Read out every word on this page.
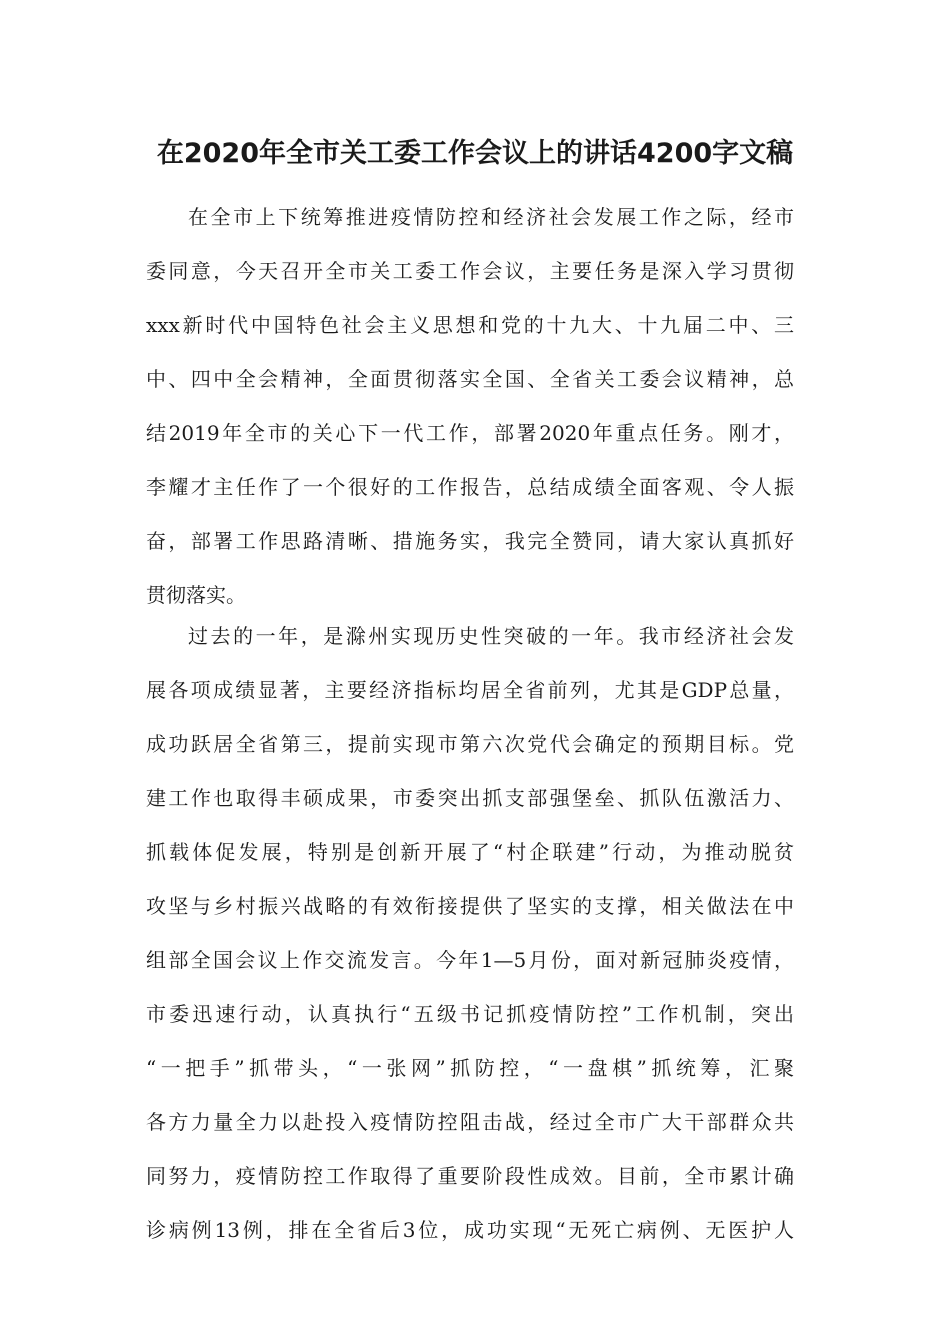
在2020年全市关工委工作会议上的讲话4200字文稿
在全市上下统筹推进疫情防控和经济社会发展工作之际，经市
委同意，今天召开全市关工委工作会议，主要任务是深入学习贯彻
xxx新时代中国特色社会主义思想和党的十九大、十九届二中、三
中、四中全会精神，全面贯彻落实全国、全省关工委会议精神，总
结2019年全市的关心下一代工作，部署2020年重点任务。刚才，
李耀才主任作了一个很好的工作报告，总结成绩全面客观、令人振
奋，部署工作思路清晰、措施务实，我完全赞同，请大家认真抓好
贯彻落实。
过去的一年，是滁州实现历史性突破的一年。我市经济社会发
展各项成绩显著，主要经济指标均居全省前列，尤其是GDP总量，
成功跃居全省第三，提前实现市第六次党代会确定的预期目标。党
建工作也取得丰硕成果，市委突出抓支部强堡垒、抓队伍激活力、
抓载体促发展，特别是创新开展了“村企联建”行动，为推动脱贫
攻坚与乡村振兴战略的有效衔接提供了坚实的支撑，相关做法在中
组部全国会议上作交流发言。今年1—5月份，面对新冠肺炎疫情，
市委迅速行动，认真执行“五级书记抓疫情防控”工作机制，突出
“一把手”抓带头，“一张网”抓防控，“一盘棋”抓统筹，汇聚
各方力量全力以赴投入疫情防控阻击战，经过全市广大干部群众共
同努力，疫情防控工作取得了重要阶段性成效。目前，全市累计确
诊病例13例，排在全省后3位，成功实现“无死亡病例、无医护人
